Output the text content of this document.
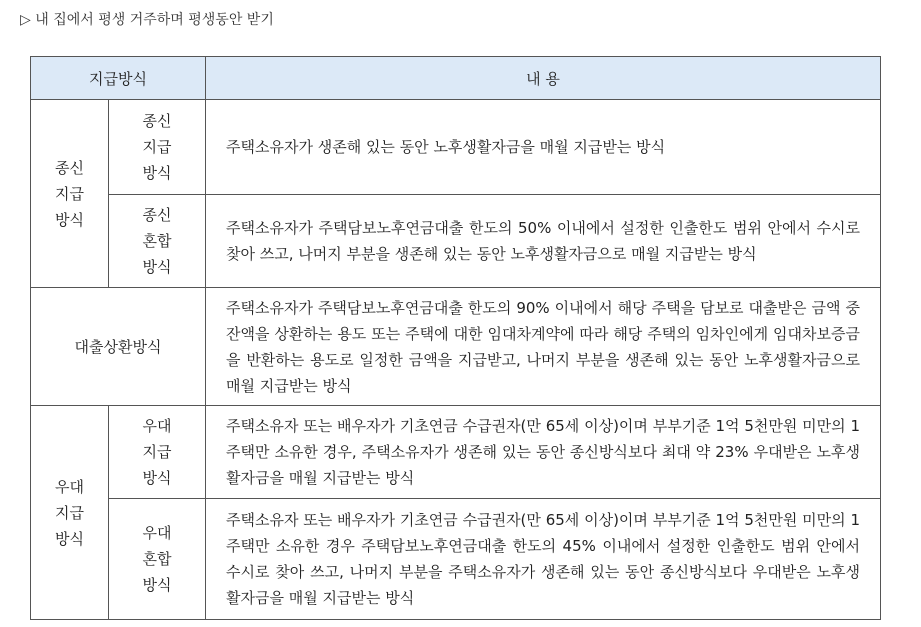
▷ 내 집에서 평생 거주하며 평생동안 받기
지급방식		내 용

종신
지급
방식	종신
지급
방식	주택소유자가 생존해 있는 동안 노후생활자금을 매월 지급받는 방식

	종신
혼합
방식	주택소유자가 주택담보노후연금대출 한도의 50% 이내에서 설정한 인출한도 범위 안에서 수시로 찾아 쓰고, 나머지 부분을 생존해 있는 동안 노후생활자금으로 매월 지급받는 방식

대출상환방식		주택소유자가 주택담보노후연금대출 한도의 90% 이내에서 해당 주택을 담보로 대출받은 금액 중 잔액을 상환하는 용도 또는 주택에 대한 임대차계약에 따라 해당 주택의 임차인에게 임대차보증금을 반환하는 용도로 일정한 금액을 지급받고, 나머지 부분을 생존해 있는 동안 노후생활자금으로 매월 지급받는 방식

우대
지급
방식	우대
지급
방식	주택소유자 또는 배우자가 기초연금 수급권자(만 65세 이상)이며 부부기준 1억 5천만원 미만의 1주택만 소유한 경우, 주택소유자가 생존해 있는 동안 종신방식보다 최대 약 23% 우대받은 노후생활자금을 매월 지급받는 방식

	우대
혼합
방식	주택소유자 또는 배우자가 기초연금 수급권자(만 65세 이상)이며 부부기준 1억 5천만원 미만의 1주택만 소유한 경우 주택담보노후연금대출 한도의 45% 이내에서 설정한 인출한도 범위 안에서 수시로 찾아 쓰고, 나머지 부분을 주택소유자가 생존해 있는 동안 종신방식보다 우대받은 노후생활자금을 매월 지급받는 방식
